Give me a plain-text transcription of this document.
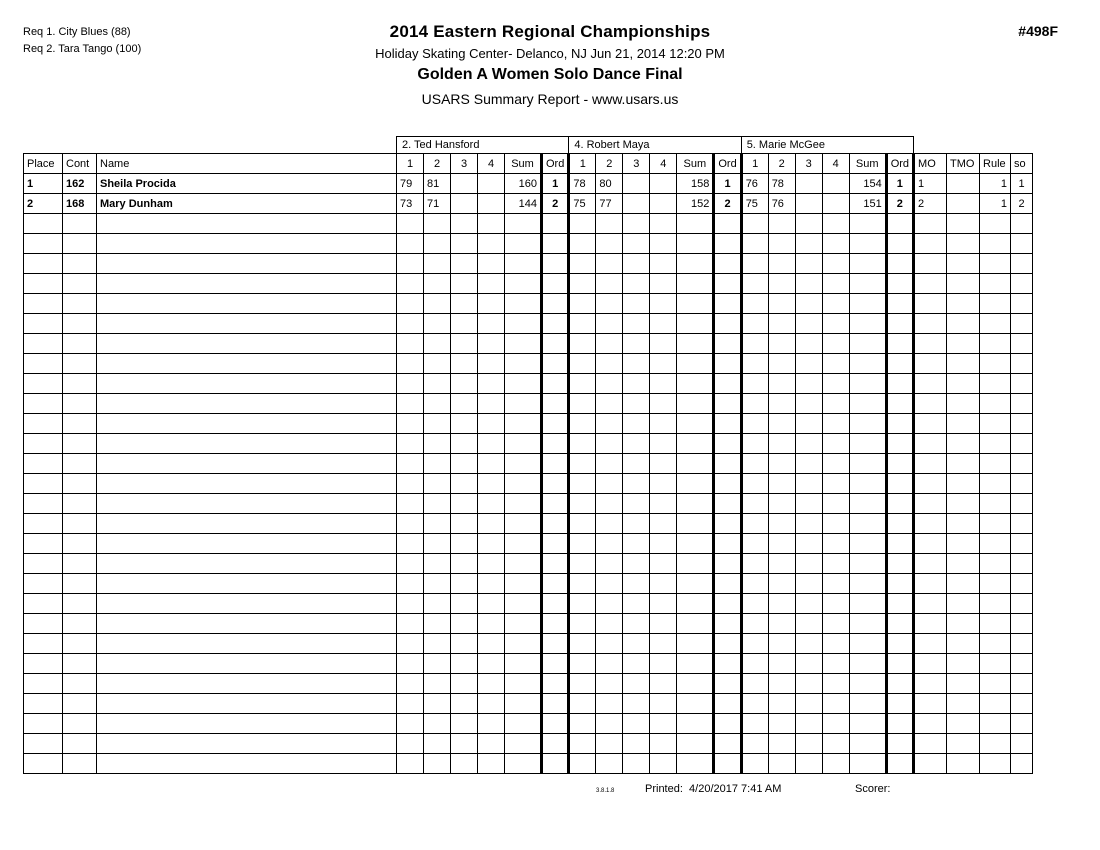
Req 1. City Blues (88)
Req 2. Tara Tango (100)
2014 Eastern Regional Championships
Holiday Skating Center- Delanco, NJ Jun 21, 2014 12:20 PM
Golden A Women Solo Dance Final
USARS Summary Report - www.usars.us
#498F
			2. Ted Hansford						4. Robert Maya						5. Marie McGee									
Place	Cont	Name	1	2	3	4	Sum	Ord	1	2	3	4	Sum	Ord	1	2	3	4	Sum	Ord	MO	TMO	Rule	so
1	162	Sheila Procida	79	81			160	1	78	80			158	1	76	78			154	1	1		1	1
2	168	Mary Dunham	73	71			144	2	75	77			152	2	75	76			151	2	2		1	2

3.8.1.8	Printed: 4/20/2017 7:41 AM	Scorer:
